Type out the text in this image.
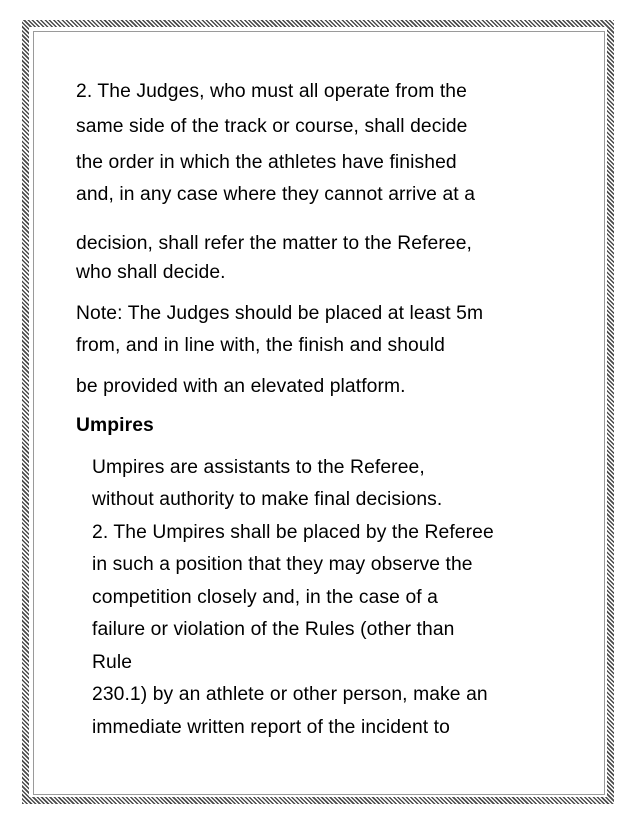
2. The Judges, who must all operate from the
same side of the track or course, shall decide
the order in which the athletes have finished
and, in any case where they cannot arrive at a
decision, shall refer the matter to the Referee,
who shall decide.
Note: The Judges should be placed at least 5m
from, and in line with, the finish and should
be provided with an elevated platform.
Umpires
Umpires are assistants to the Referee,
without authority to make final decisions.
2. The Umpires shall be placed by the Referee
in such a position that they may observe the
competition closely and, in the case of a
failure or violation of the Rules (other than
Rule
230.1) by an athlete or other person, make an
immediate written report of the incident to
